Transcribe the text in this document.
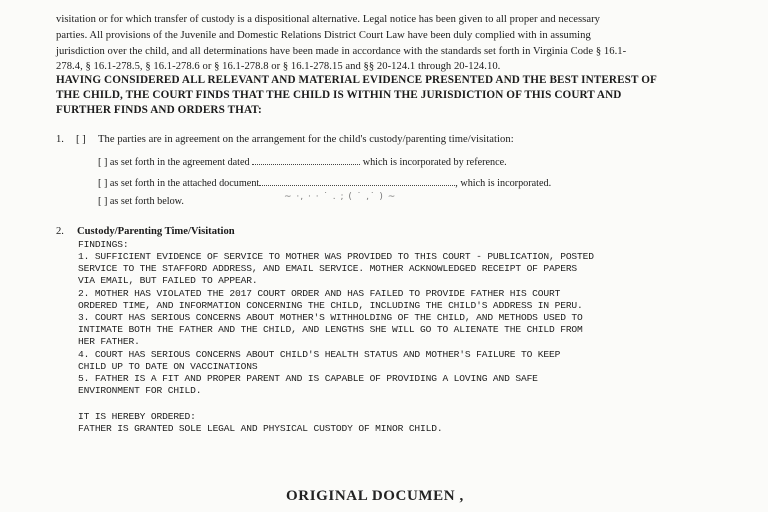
visitation or for which transfer of custody is a dispositional alternative. Legal notice has been given to all proper and necessary
parties. All provisions of the Juvenile and Domestic Relations District Court Law have been duly complied with in assuming
jurisdiction over the child, and all determinations have been made in accordance with the standards set forth in Virginia Code § 16.1-
278.4, § 16.1-278.5, § 16.1-278.6 or § 16.1-278.8 or § 16.1-278.15 and §§ 20-124.1 through 20-124.10.
HAVING CONSIDERED ALL RELEVANT AND MATERIAL EVIDENCE PRESENTED AND THE BEST INTEREST OF
THE CHILD, THE COURT FINDS THAT THE CHILD IS WITHIN THE JURISDICTION OF THIS COURT AND
FURTHER FINDS AND ORDERS THAT:
1. [ ] The parties are in agreement on the arrangement for the child's custody/parenting time/visitation:
[ ] as set forth in the agreement dated	which is incorporated by reference.
[ ] as set forth in the attached document	, which is incorporated.
[ ] as set forth below.	~ ·, · · ˙ . ; ( ˙ ,˙ ) ~
2. Custody/Parenting Time/Visitation
FINDINGS:
1. SUFFICIENT EVIDENCE OF SERVICE TO MOTHER WAS PROVIDED TO THIS COURT - PUBLICATION, POSTED
SERVICE TO THE STAFFORD ADDRESS, AND EMAIL SERVICE. MOTHER ACKNOWLEDGED RECEIPT OF PAPERS
VIA EMAIL, BUT FAILED TO APPEAR.
2. MOTHER HAS VIOLATED THE 2017 COURT ORDER AND HAS FAILED TO PROVIDE FATHER HIS COURT
ORDERED TIME, AND INFORMATION CONCERNING THE CHILD, INCLUDING THE CHILD'S ADDRESS IN PERU.
3. COURT HAS SERIOUS CONCERNS ABOUT MOTHER'S WITHHOLDING OF THE CHILD, AND METHODS USED TO
INTIMATE BOTH THE FATHER AND THE CHILD, AND LENGTHS SHE WILL GO TO ALIENATE THE CHILD FROM
HER FATHER.
4. COURT HAS SERIOUS CONCERNS ABOUT CHILD'S HEALTH STATUS AND MOTHER'S FAILURE TO KEEP
CHILD UP TO DATE ON VACCINATIONS
5. FATHER IS A FIT AND PROPER PARENT AND IS CAPABLE OF PROVIDING A LOVING AND SAFE
ENVIRONMENT FOR CHILD.
IT IS HEREBY ORDERED:
FATHER IS GRANTED SOLE LEGAL AND PHYSICAL CUSTODY OF MINOR CHILD.
ORIGINAL DOCUMEN ,
